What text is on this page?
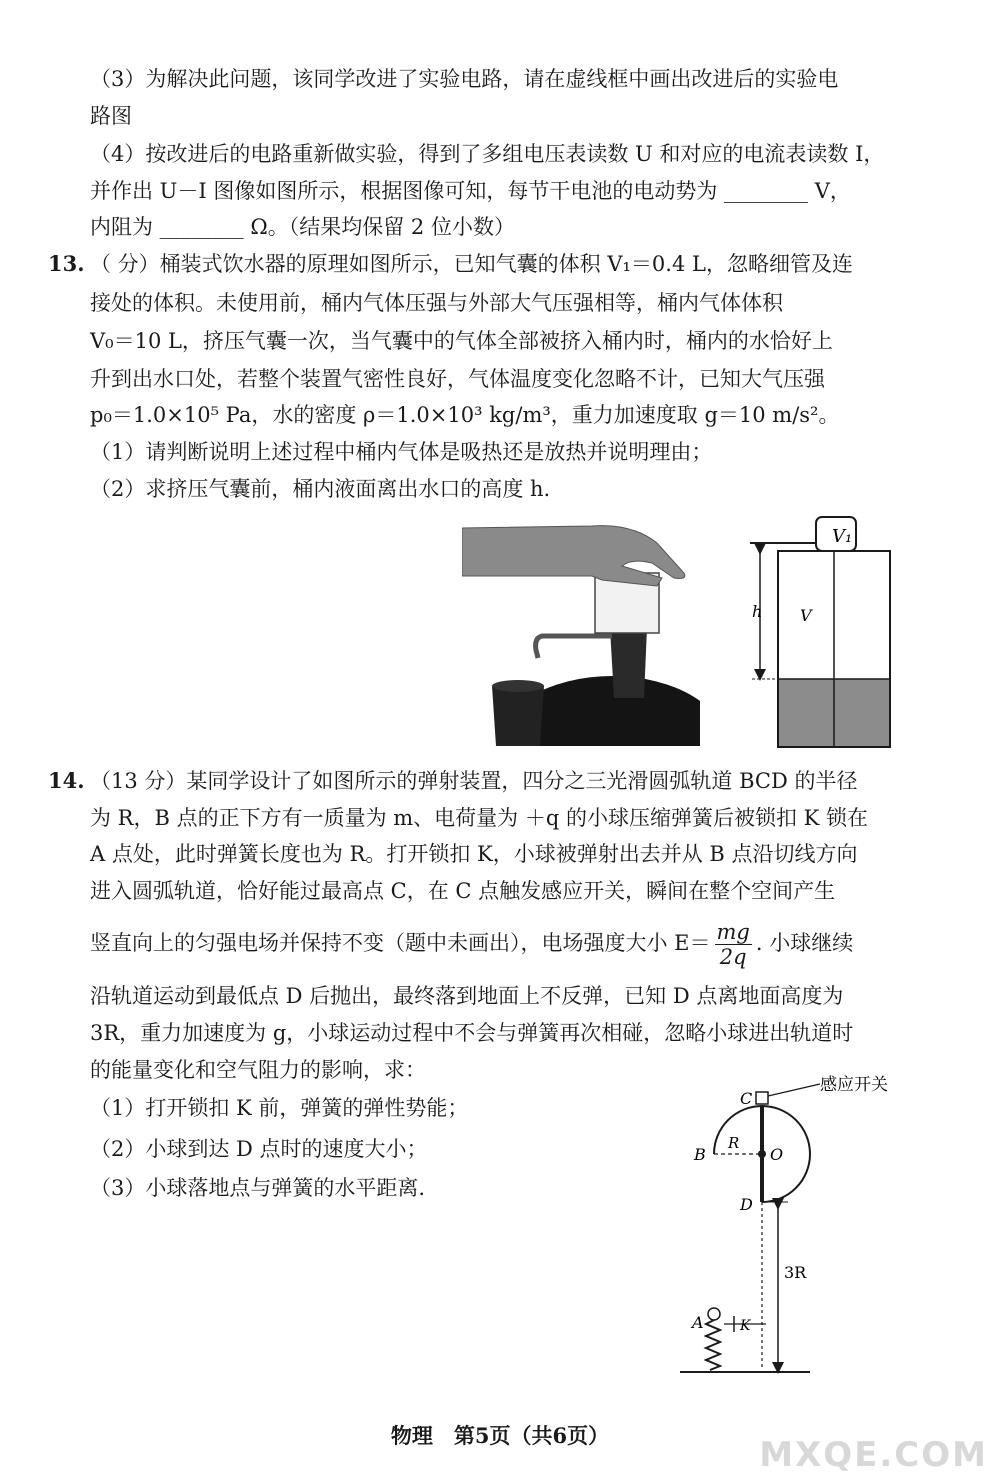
（3）为解决此问题，该同学改进了实验电路，请在虚线框中画出改进后的实验电
路图
（4）按改进后的电路重新做实验，得到了多组电压表读数 U 和对应的电流表读数 I，
并作出 U－I 图像如图所示，根据图像可知，每节干电池的电动势为 ________ V，
内阻为 ________ Ω。（结果均保留 2 位小数）
13. （ 分）桶装式饮水器的原理如图所示，已知气囊的体积 V₁＝0.4 L，忽略细管及连
接处的体积。未使用前，桶内气体压强与外部大气压强相等，桶内气体体积
V₀＝10 L，挤压气囊一次，当气囊中的气体全部被挤入桶内时，桶内的水恰好上
升到出水口处，若整个装置气密性良好，气体温度变化忽略不计，已知大气压强
p₀＝1.0×10⁵ Pa，水的密度 ρ＝1.0×10³ kg/m³，重力加速度取 g＝10 m/s²。
（1）请判断说明上述过程中桶内气体是吸热还是放热并说明理由；
（2）求挤压气囊前，桶内液面离出水口的高度 h.
V₁
h V
14. （13 分）某同学设计了如图所示的弹射装置，四分之三光滑圆弧轨道 BCD 的半径
为 R，B 点的正下方有一质量为 m、电荷量为 ＋q 的小球压缩弹簧后被锁扣 K 锁在
A 点处，此时弹簧长度也为 R。打开锁扣 K，小球被弹射出去并从 B 点沿切线方向
进入圆弧轨道，恰好能过最高点 C，在 C 点触发感应开关，瞬间在整个空间产生
竖直向上的匀强电场并保持不变（题中未画出），电场强度大小 $E= \frac{mg}{2q}$ . 小球继续
沿轨道运动到最低点 D 后抛出，最终落到地面上不反弹，已知 D 点离地面高度为
3R，重力加速度为 g，小球运动过程中不会与弹簧再次相碰，忽略小球进出轨道时
的能量变化和空气阻力的影响，求：
（1）打开锁扣 K 前，弹簧的弹性势能；
（2）小球到达 D 点时的速度大小；
（3）小球落地点与弹簧的水平距离.
感应开关
C
B
R
O
D
3R
A	K
物理　第5页（共6页）	MXQE.COM
